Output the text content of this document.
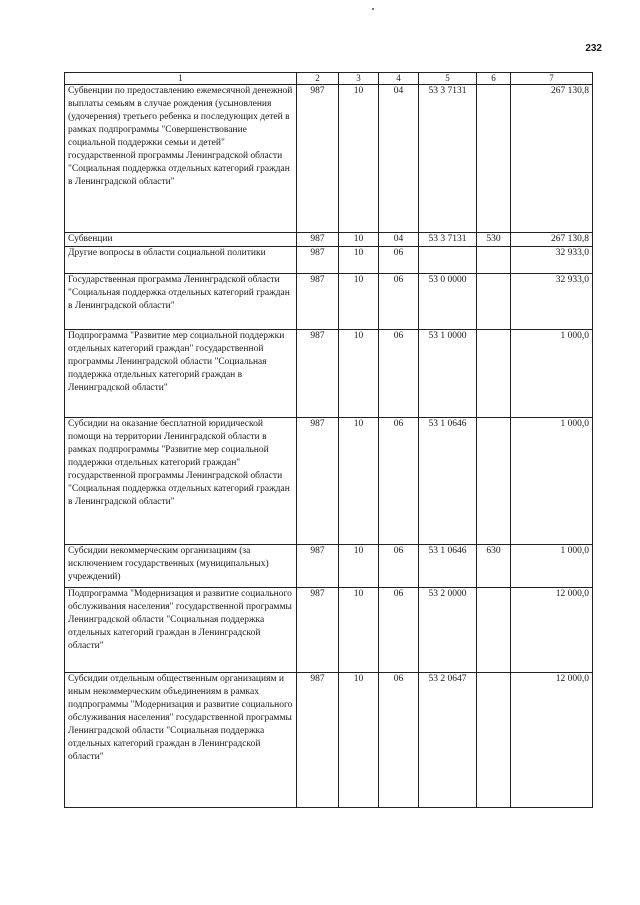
232
1	2	3	4	5	6	7
Субвенции по предоставлению ежемесячной денежной выплаты семьям в случае рождения (усыновления (удочерения) третьего ребенка и последующих детей в рамках подпрограммы "Совершенствование социальной поддержки семьи и детей" государственной программы Ленинградской области "Социальная поддержка отдельных категорий граждан в Ленинградской области"	987	10	04	53 3 7131		267 130,8
Субвенции	987	10	04	53 3 7131	530	267 130,8
Другие вопросы в области социальной политики	987	10	06			32 933,0
Государственная программа Ленинградской области "Социальная поддержка отдельных категорий граждан в Ленинградской области"	987	10	06	53 0 0000		32 933,0
Подпрограмма "Развитие мер социальной поддержки отдельных категорий граждан" государственной программы Ленинградской области "Социальная поддержка отдельных категорий граждан в Ленинградской области"	987	10	06	53 1 0000		1 000,0
Субсидии на оказание бесплатной юридической помощи на территории Ленинградской области в рамках подпрограммы "Развитие мер социальной поддержки отдельных категорий граждан" государственной программы Ленинградской области "Социальная поддержка отдельных категорий граждан в Ленинградской области"	987	10	06	53 1 0646		1 000,0
Субсидии некоммерческим организациям (за исключением государственных (муниципальных) учреждений)	987	10	06	53 1 0646	630	1 000,0
Подпрограмма "Модернизация и развитие социального обслуживания населения" государственной программы Ленинградской области "Социальная поддержка отдельных категорий граждан в Ленинградской области"	987	10	06	53 2 0000		12 000,0
Субсидии отдельным общественным организациям и иным некоммерческим объединениям в рамках подпрограммы "Модернизация и развитие социального обслуживания населения" государственной программы Ленинградской области "Социальная поддержка отдельных категорий граждан в Ленинградской области"	987	10	06	53 2 0647		12 000,0
